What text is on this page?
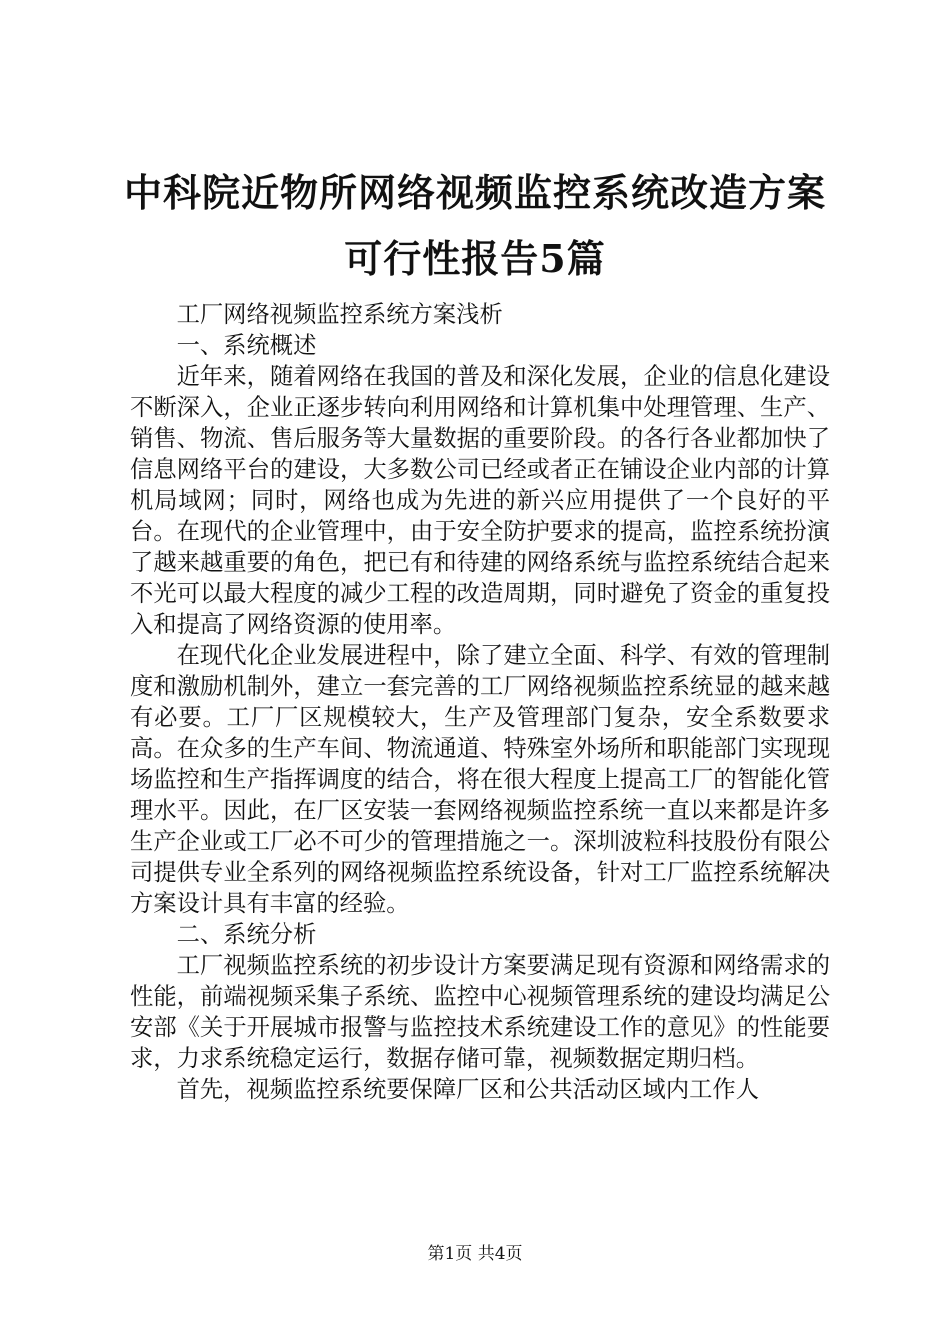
中科院近物所网络视频监控系统改造方案可行性报告5篇

工厂网络视频监控系统方案浅析

一、系统概述

近年来，随着网络在我国的普及和深化发展，企业的信息化建设不断深入，企业正逐步转向利用网络和计算机集中处理管理、生产、销售、物流、售后服务等大量数据的重要阶段。的各行各业都加快了信息网络平台的建设，大多数公司已经或者正在铺设企业内部的计算机局域网；同时，网络也成为先进的新兴应用提供了一个良好的平台。在现代的企业管理中，由于安全防护要求的提高，监控系统扮演了越来越重要的角色，把已有和待建的网络系统与监控系统结合起来不光可以最大程度的减少工程的改造周期，同时避免了资金的重复投入和提高了网络资源的使用率。

在现代化企业发展进程中，除了建立全面、科学、有效的管理制度和激励机制外，建立一套完善的工厂网络视频监控系统显的越来越有必要。工厂厂区规模较大，生产及管理部门复杂，安全系数要求高。在众多的生产车间、物流通道、特殊室外场所和职能部门实现现场监控和生产指挥调度的结合，将在很大程度上提高工厂的智能化管理水平。因此，在厂区安装一套网络视频监控系统一直以来都是许多生产企业或工厂必不可少的管理措施之一。深圳波粒科技股份有限公司提供专业全系列的网络视频监控系统设备，针对工厂监控系统解决方案设计具有丰富的经验。

二、系统分析

工厂视频监控系统的初步设计方案要满足现有资源和网络需求的性能，前端视频采集子系统、监控中心视频管理系统的建设均满足公安部《关于开展城市报警与监控技术系统建设工作的意见》的性能要求，力求系统稳定运行，数据存储可靠，视频数据定期归档。

首先，视频监控系统要保障厂区和公共活动区域内工作人

第1页 共4页
